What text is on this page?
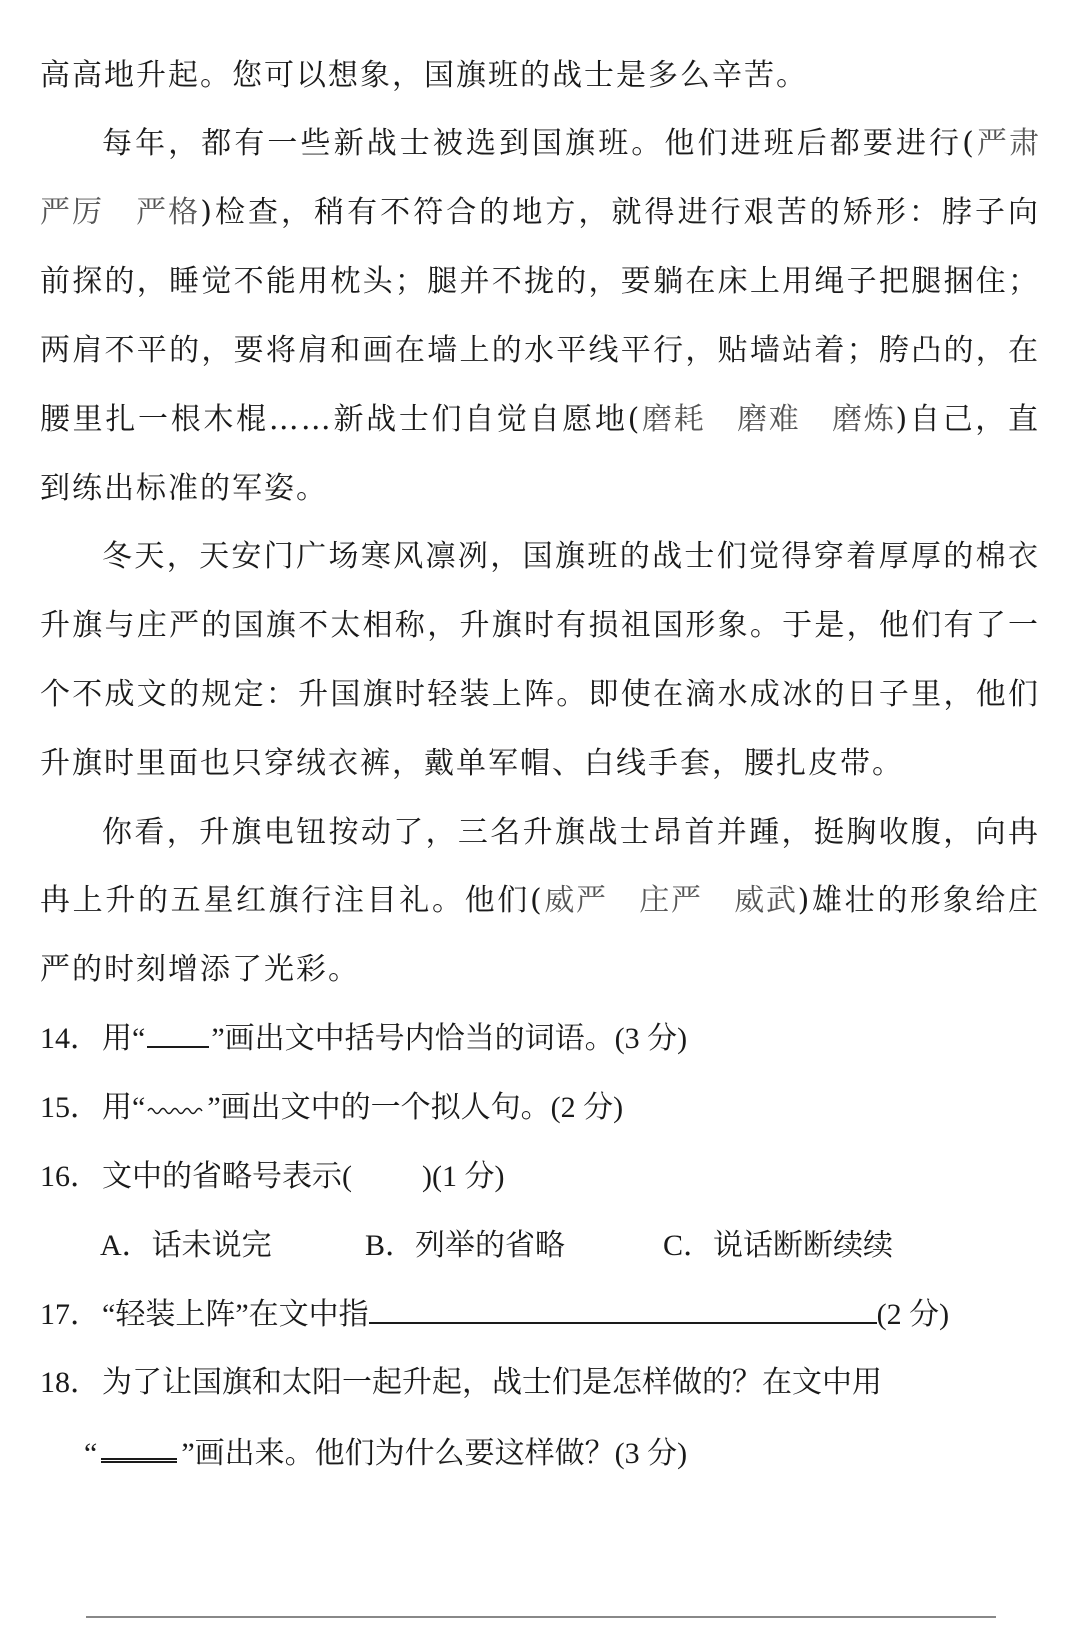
高高地升起。您可以想象，国旗班的战士是多么辛苦。
每年，都有一些新战士被选到国旗班。他们进班后都要进行(严肃
严厉　严格)检查，稍有不符合的地方，就得进行艰苦的矫形：脖子向
前探的，睡觉不能用枕头；腿并不拢的，要躺在床上用绳子把腿捆住；
两肩不平的，要将肩和画在墙上的水平线平行，贴墙站着；胯凸的，在
腰里扎一根木棍……新战士们自觉自愿地(磨耗　磨难　磨炼)自己，直
到练出标准的军姿。
冬天，天安门广场寒风凛冽，国旗班的战士们觉得穿着厚厚的棉衣
升旗与庄严的国旗不太相称，升旗时有损祖国形象。于是，他们有了一
个不成文的规定：升国旗时轻装上阵。即使在滴水成冰的日子里，他们
升旗时里面也只穿绒衣裤，戴单军帽、白线手套，腰扎皮带。
你看，升旗电钮按动了，三名升旗战士昂首并踵，挺胸收腹，向冉
冉上升的五星红旗行注目礼。他们(威严　庄严　威武)雄壮的形象给庄
严的时刻增添了光彩。
14．用“ ”画出文中括号内恰当的词语。(3 分)
15．用“ ”画出文中的一个拟人句。(2 分)
16．文中的省略号表示( )(1 分)
A．话未说完	B．列举的省略	C．说话断断续续
17．“轻装上阵”在文中指	(2 分)
18．为了让国旗和太阳一起升起，战士们是怎样做的？在文中用
“	”画出来。他们为什么要这样做？(3 分)
